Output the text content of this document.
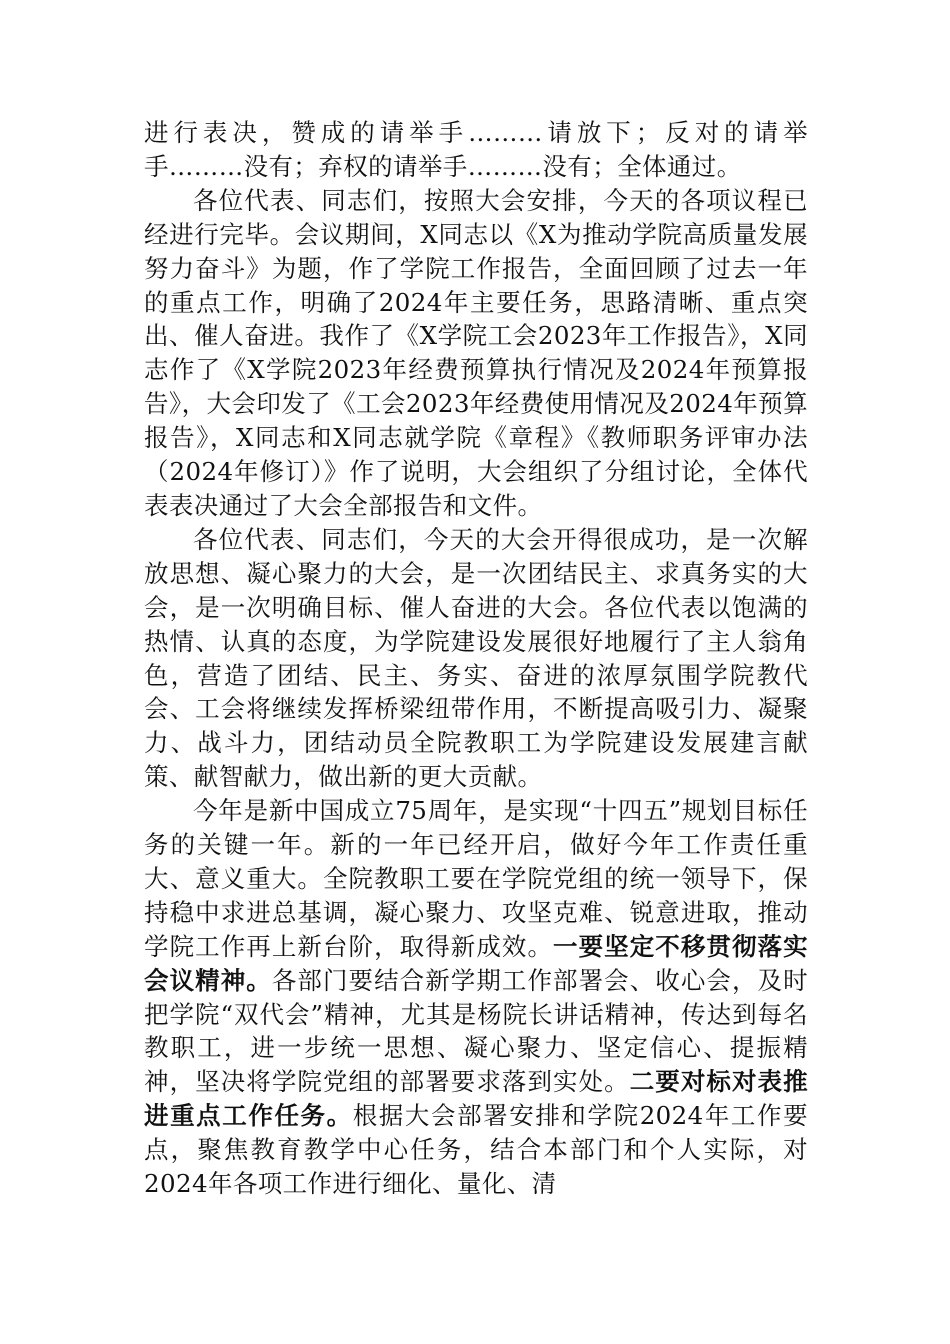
进行表决，赞成的请举手………请放下；反对的请举手………没有；弃权的请举手………没有；全体通过。

各位代表、同志们，按照大会安排，今天的各项议程已经进行完毕。会议期间，X同志以《X为推动学院高质量发展努力奋斗》为题，作了学院工作报告，全面回顾了过去一年的重点工作，明确了2024年主要任务，思路清晰、重点突出、催人奋进。我作了《X学院工会2023年工作报告》，X同志作了《X学院2023年经费预算执行情况及2024年预算报告》，大会印发了《工会2023年经费使用情况及2024年预算报告》，X同志和X同志就学院《章程》《教师职务评审办法（2024年修订）》作了说明，大会组织了分组讨论，全体代表表决通过了大会全部报告和文件。

各位代表、同志们，今天的大会开得很成功，是一次解放思想、凝心聚力的大会，是一次团结民主、求真务实的大会，是一次明确目标、催人奋进的大会。各位代表以饱满的热情、认真的态度，为学院建设发展很好地履行了主人翁角色，营造了团结、民主、务实、奋进的浓厚氛围学院教代会、工会将继续发挥桥梁纽带作用，不断提高吸引力、凝聚力、战斗力，团结动员全院教职工为学院建设发展建言献策、献智献力，做出新的更大贡献。

今年是新中国成立75周年，是实现“十四五”规划目标任务的关键一年。新的一年已经开启，做好今年工作责任重大、意义重大。全院教职工要在学院党组的统一领导下，保持稳中求进总基调，凝心聚力、攻坚克难、锐意进取，推动学院工作再上新台阶，取得新成效。一要坚定不移贯彻落实会议精神。各部门要结合新学期工作部署会、收心会，及时把学院“双代会”精神，尤其是杨院长讲话精神，传达到每名教职工，进一步统一思想、凝心聚力、坚定信心、提振精神，坚决将学院党组的部署要求落到实处。二要对标对表推进重点工作任务。根据大会部署安排和学院2024年工作要点，聚焦教育教学中心任务，结合本部门和个人实际，对2024年各项工作进行细化、量化、清
